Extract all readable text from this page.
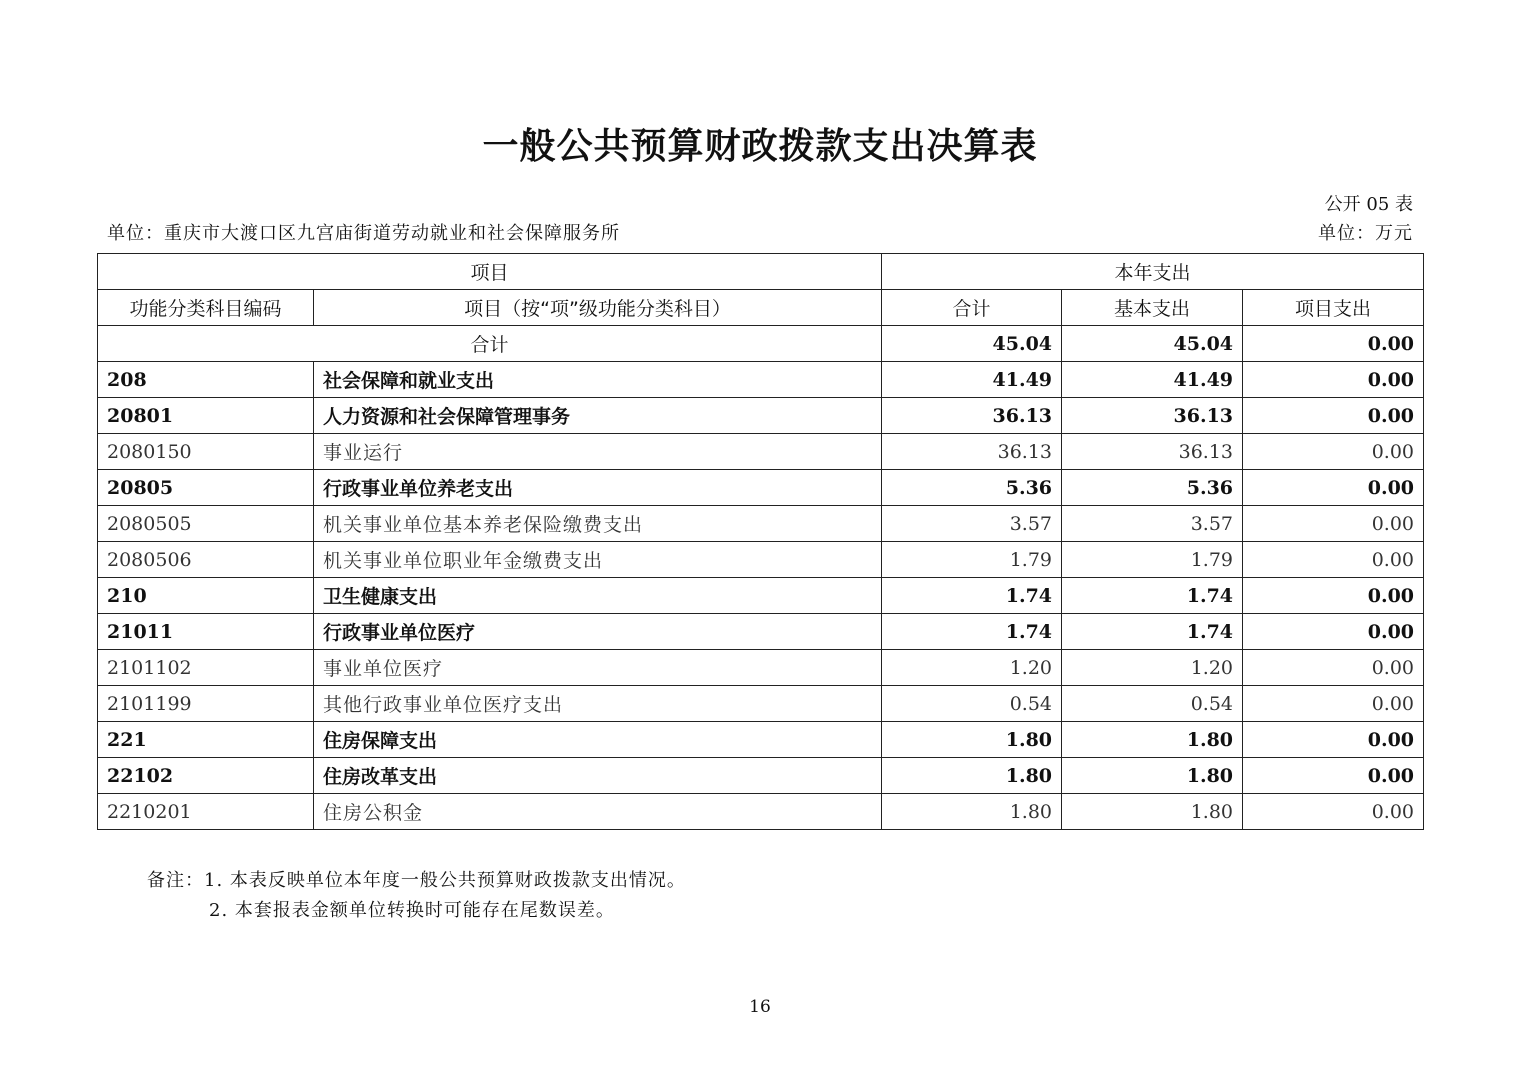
一般公共预算财政拨款支出决算表
公开 05 表
单位：重庆市大渡口区九宫庙街道劳动就业和社会保障服务所	单位：万元
项目		本年支出		
功能分类科目编码	项目（按“项”级功能分类科目）	合计	基本支出	项目支出
合计		45.04	45.04	0.00
208	社会保障和就业支出	41.49	41.49	0.00
20801	人力资源和社会保障管理事务	36.13	36.13	0.00
2080150	事业运行	36.13	36.13	0.00
20805	行政事业单位养老支出	5.36	5.36	0.00
2080505	机关事业单位基本养老保险缴费支出	3.57	3.57	0.00
2080506	机关事业单位职业年金缴费支出	1.79	1.79	0.00
210	卫生健康支出	1.74	1.74	0.00
21011	行政事业单位医疗	1.74	1.74	0.00
2101102	事业单位医疗	1.20	1.20	0.00
2101199	其他行政事业单位医疗支出	0.54	0.54	0.00
221	住房保障支出	1.80	1.80	0.00
22102	住房改革支出	1.80	1.80	0.00
2210201	住房公积金	1.80	1.80	0.00
备注：1. 本表反映单位本年度一般公共预算财政拨款支出情况。
2. 本套报表金额单位转换时可能存在尾数误差。
16
